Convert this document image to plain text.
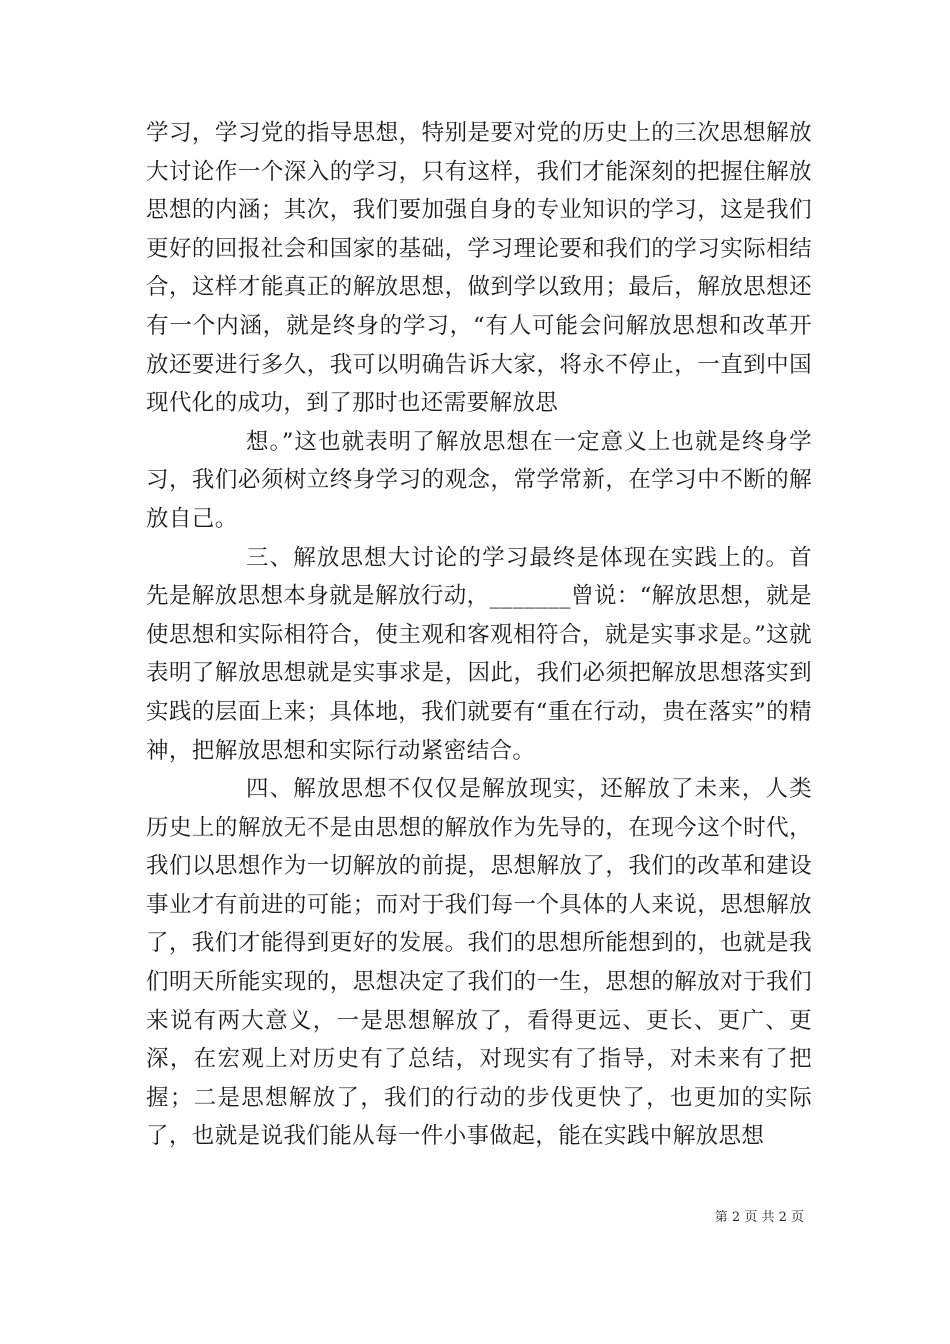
学习，学习党的指导思想，特别是要对党的历史上的三次思想解放大讨论作一个深入的学习，只有这样，我们才能深刻的把握住解放思想的内涵；其次，我们要加强自身的专业知识的学习，这是我们更好的回报社会和国家的基础，学习理论要和我们的学习实际相结合，这样才能真正的解放思想，做到学以致用；最后，解放思想还有一个内涵，就是终身的学习，“有人可能会问解放思想和改革开放还要进行多久，我可以明确告诉大家，将永不停止，一直到中国现代化的成功，到了那时也还需要解放思

想。”这也就表明了解放思想在一定意义上也就是终身学习，我们必须树立终身学习的观念，常学常新，在学习中不断的解放自己。

三、解放思想大讨论的学习最终是体现在实践上的。首先是解放思想本身就是解放行动，_______曾说：“解放思想，就是使思想和实际相符合，使主观和客观相符合，就是实事求是。”这就表明了解放思想就是实事求是，因此，我们必须把解放思想落实到实践的层面上来；具体地，我们就要有“重在行动，贵在落实”的精神，把解放思想和实际行动紧密结合。

四、解放思想不仅仅是解放现实，还解放了未来，人类历史上的解放无不是由思想的解放作为先导的，在现今这个时代，我们以思想作为一切解放的前提，思想解放了，我们的改革和建设事业才有前进的可能；而对于我们每一个具体的人来说，思想解放了，我们才能得到更好的发展。我们的思想所能想到的，也就是我们明天所能实现的，思想决定了我们的一生，思想的解放对于我们来说有两大意义，一是思想解放了，看得更远、更长、更广、更深，在宏观上对历史有了总结，对现实有了指导，对未来有了把握；二是思想解放了，我们的行动的步伐更快了，也更加的实际了，也就是说我们能从每一件小事做起，能在实践中解放思想

第 2 页 共 2 页
